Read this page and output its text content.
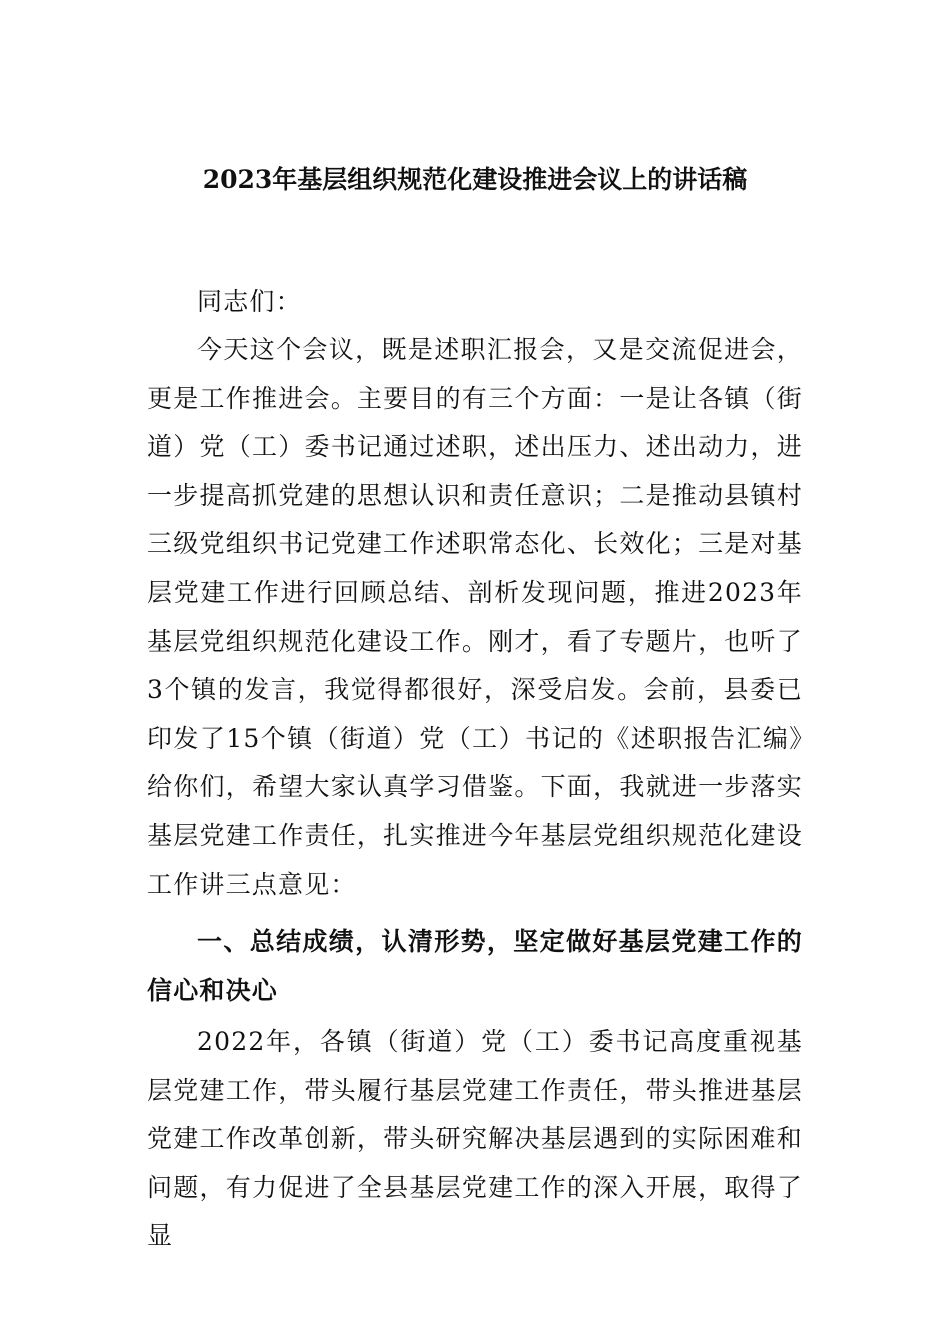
2023年基层组织规范化建设推进会议上的讲话稿

同志们：

今天这个会议，既是述职汇报会，又是交流促进会，更是工作推进会。主要目的有三个方面：一是让各镇（街道）党（工）委书记通过述职，述出压力、述出动力，进一步提高抓党建的思想认识和责任意识；二是推动县镇村三级党组织书记党建工作述职常态化、长效化；三是对基层党建工作进行回顾总结、剖析发现问题，推进2023年基层党组织规范化建设工作。刚才，看了专题片，也听了3个镇的发言，我觉得都很好，深受启发。会前，县委已印发了15个镇（街道）党（工）书记的《述职报告汇编》给你们，希望大家认真学习借鉴。下面，我就进一步落实基层党建工作责任，扎实推进今年基层党组织规范化建设工作讲三点意见：

一、总结成绩，认清形势，坚定做好基层党建工作的信心和决心

2022年，各镇（街道）党（工）委书记高度重视基层党建工作，带头履行基层党建工作责任，带头推进基层党建工作改革创新，带头研究解决基层遇到的实际困难和问题，有力促进了全县基层党建工作的深入开展，取得了显
